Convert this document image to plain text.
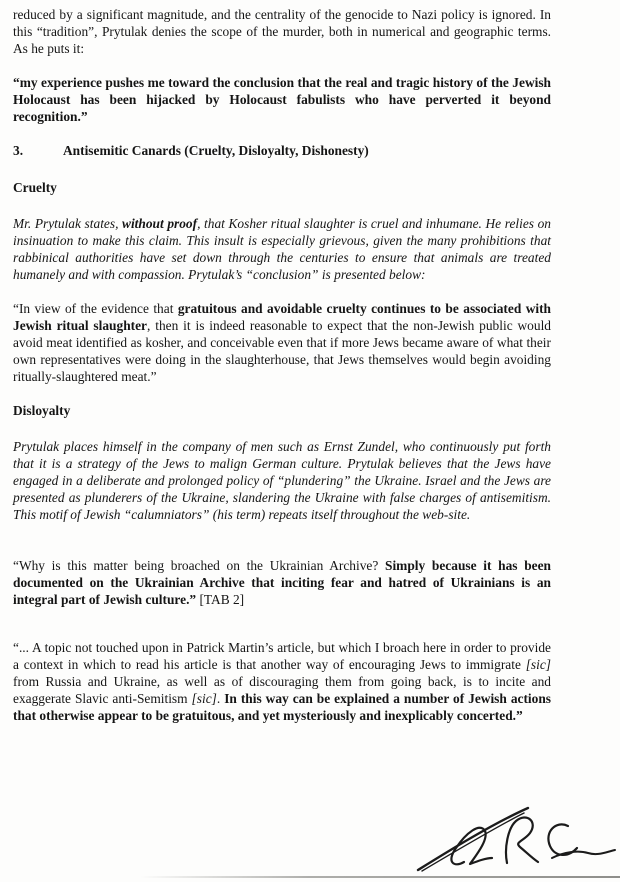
reduced by a significant magnitude, and the centrality of the genocide to Nazi policy is ignored. In this “tradition”, Prytulak denies the scope of the murder, both in numerical and geographic terms. As he puts it:

“my experience pushes me toward the conclusion that the real and tragic history of the Jewish Holocaust has been hijacked by Holocaust fabulists who have perverted it beyond recognition.”

3.	Antisemitic Canards (Cruelty, Disloyalty, Dishonesty)

Cruelty

Mr. Prytulak states, without proof, that Kosher ritual slaughter is cruel and inhumane. He relies on insinuation to make this claim. This insult is especially grievous, given the many prohibitions that rabbinical authorities have set down through the centuries to ensure that animals are treated humanely and with compassion. Prytulak’s “conclusion” is presented below:

“In view of the evidence that gratuitous and avoidable cruelty continues to be associated with Jewish ritual slaughter, then it is indeed reasonable to expect that the non-Jewish public would avoid meat identified as kosher, and conceivable even that if more Jews became aware of what their own representatives were doing in the slaughterhouse, that Jews themselves would begin avoiding ritually-slaughtered meat.”

Disloyalty

Prytulak places himself in the company of men such as Ernst Zundel, who continuously put forth that it is a strategy of the Jews to malign German culture. Prytulak believes that the Jews have engaged in a deliberate and prolonged policy of “plundering” the Ukraine. Israel and the Jews are presented as plunderers of the Ukraine, slandering the Ukraine with false charges of antisemitism. This motif of Jewish “calumniators” (his term) repeats itself throughout the web-site.

“Why is this matter being broached on the Ukrainian Archive? Simply because it has been documented on the Ukrainian Archive that inciting fear and hatred of Ukrainians is an integral part of Jewish culture.” [TAB 2]

“... A topic not touched upon in Patrick Martin’s article, but which I broach here in order to provide a context in which to read his article is that another way of encouraging Jews to immigrate [sic] from Russia and Ukraine, as well as of discouraging them from going back, is to incite and exaggerate Slavic anti-Semitism [sic]. In this way can be explained a number of Jewish actions that otherwise appear to be gratuitous, and yet mysteriously and inexplicably concerted.”
